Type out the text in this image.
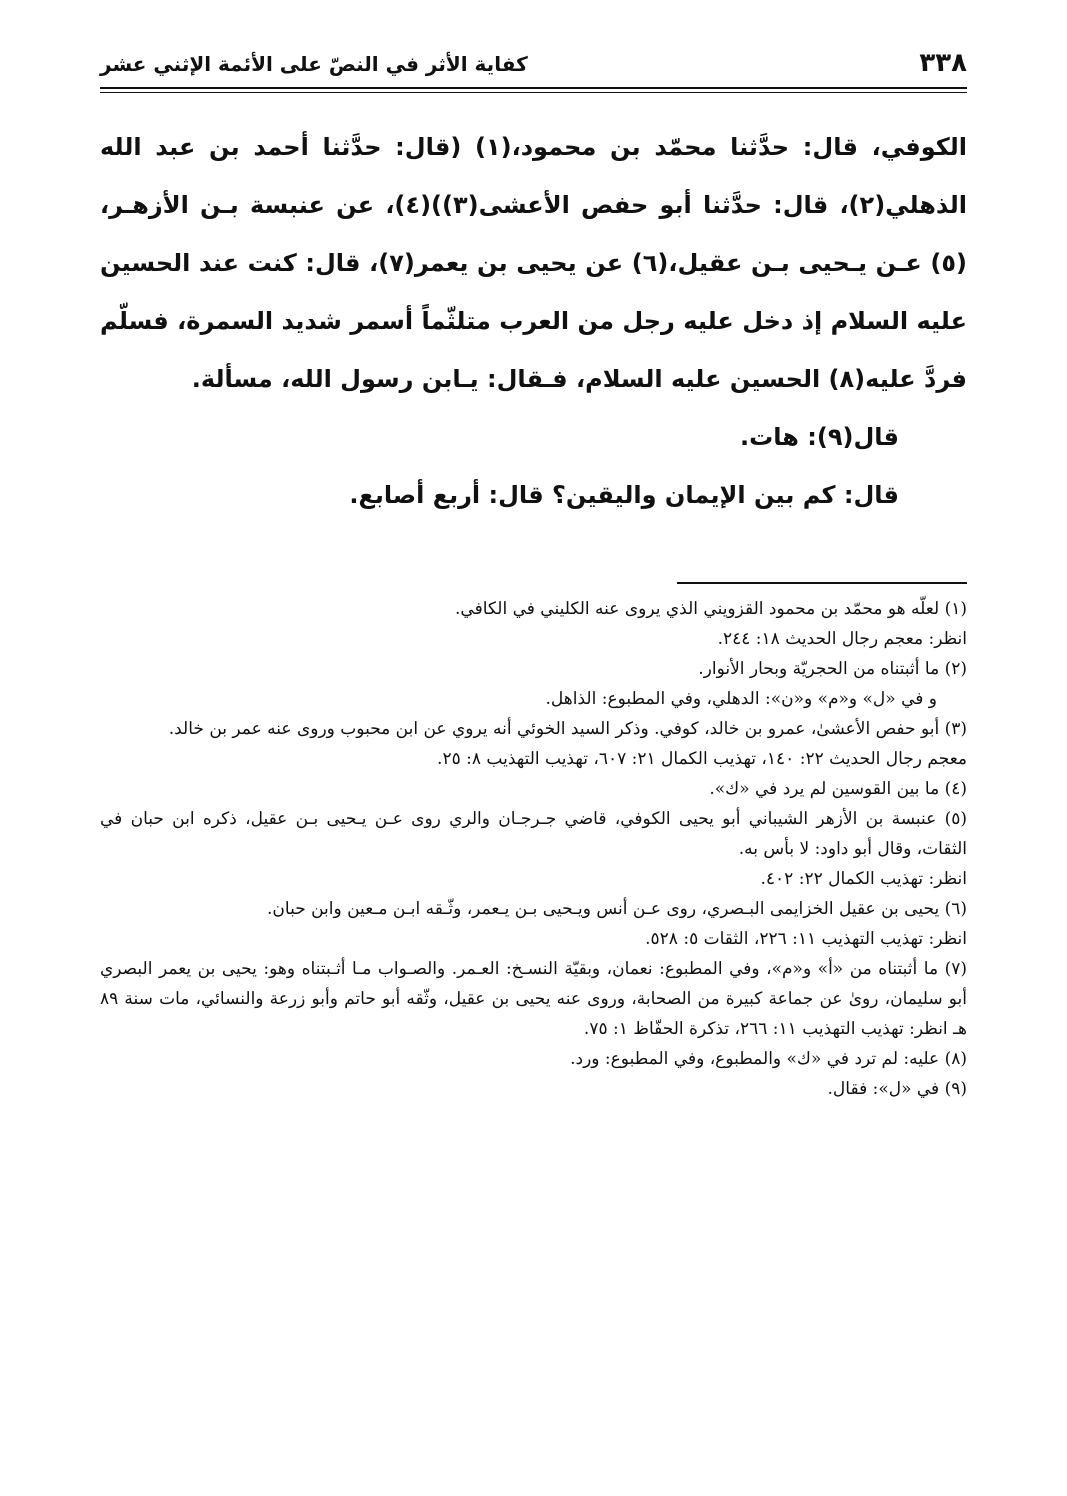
٣٣٨
كفاية الأثر في النصّ على الأئمة الإثني عشر

الكوفي، قال: حدَّثنا محمّد بن محمود،(١) (قال: حدَّثنا أحمد بن عبد الله الذهلي(٢)، قال: حدَّثنا أبو حفص الأعشى(٣))(٤)، عن عنبسة بـن الأزهـر،(٥) عـن يـحيى بـن عقيل،(٦) عن يحيى بن يعمر(٧)، قال: كنت عند الحسين عليه السلام إذ دخل عليه رجل من العرب متلثّماً أسمر شديد السمرة، فسلّم فردَّ عليه(٨) الحسين عليه السلام، فـقال: يـابن رسول الله، مسألة.

قال(٩): هات.

قال: كم بين الإيمان واليقين؟ قال: أربع أصابع.

(١) لعلّه هو محمّد بن محمود القزويني الذي يروى عنه الكليني في الكافي.

انظر: معجم رجال الحديث ١٨: ٢٤٤.

(٢) ما أثبتناه من الحجريّة وبحار الأنوار.

و في «ل» و«م» و«ن»: الدهلي، وفي المطبوع: الذاهل.

(٣) أبو حفص الأعشىٰ، عمرو بن خالد، كوفي. وذكر السيد الخوئي أنه يروي عن ابن محبوب وروى عنه عمر بن خالد.

معجم رجال الحديث ٢٢: ١٤٠، تهذيب الكمال ٢١: ٦٠٧، تهذيب التهذيب ٨: ٢٥.

(٤) ما بين القوسين لم يرد في «ك».

(٥) عنبسة بن الأزهر الشيباني أبو يحيى الكوفي، قاضي جـرجـان والري روى عـن يـحيى بـن عقيل، ذكره ابن حبان في الثقات، وقال أبو داود: لا بأس به.

انظر: تهذيب الكمال ٢٢: ٤٠٢.

(٦) يحيى بن عقيل الخزايمى البـصري، روى عـن أنس ويـحيى بـن يـعمر، وثّـقه ابـن مـعين وابن حبان.

انظر: تهذيب التهذيب ١١: ٢٢٦، الثقات ٥: ٥٢٨.

(٧) ما أثبتناه من «أ» و«م»، وفي المطبوع: نعمان، وبقيّة النسـخ: العـمر. والصـواب مـا أثـبتناه وهو: يحيى بن يعمر البصري أبو سليمان، روىٰ عن جماعة كبيرة من الصحابة، وروى عنه يحيى بن عقيل، وثّقه أبو حاتم وأبو زرعة والنسائي، مات سنة ٨٩ هـ انظر: تهذيب التهذيب ١١: ٢٦٦، تذكرة الحفّاظ ١: ٧٥.

(٨) عليه: لم ترد في «ك» والمطبوع، وفي المطبوع: ورد.

(٩) في «ل»: فقال.
